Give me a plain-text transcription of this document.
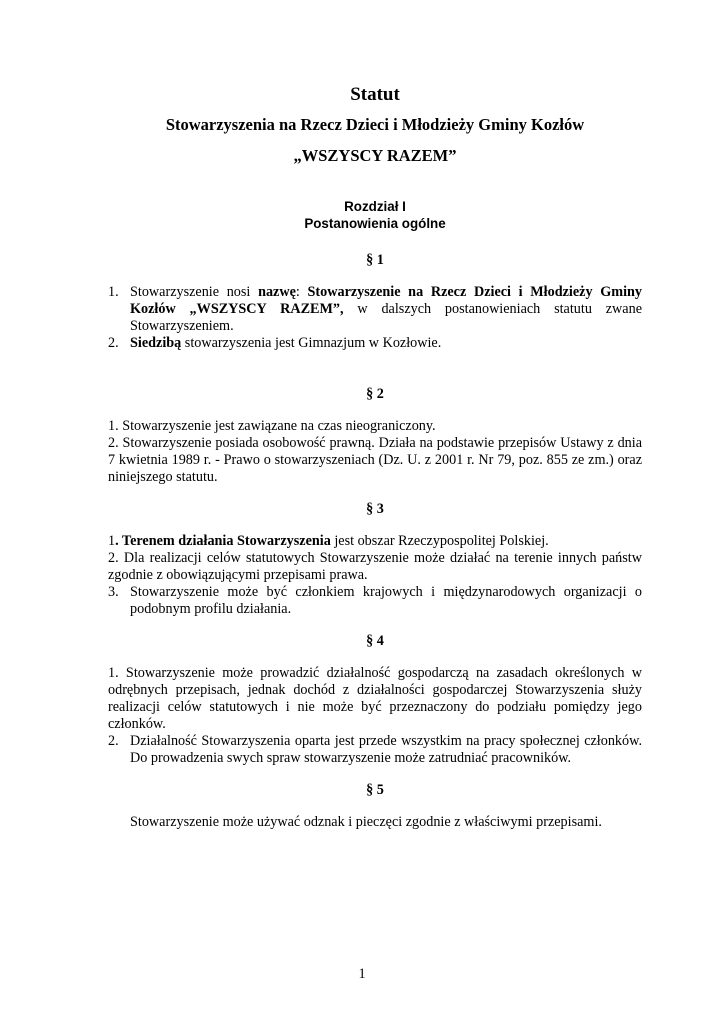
Statut
Stowarzyszenia na Rzecz Dzieci i Młodzieży Gminy Kozłów
„WSZYSCY RAZEM”
Rozdział I
Postanowienia ogólne
§ 1
1. Stowarzyszenie nosi nazwę: Stowarzyszenie na Rzecz Dzieci i Młodzieży Gminy Kozłów „WSZYSCY RAZEM”, w dalszych postanowieniach statutu zwane Stowarzyszeniem.
2. Siedzibą stowarzyszenia jest Gimnazjum w Kozłowie.
§ 2

1. Stowarzyszenie jest zawiązane na czas nieograniczony.

2. Stowarzyszenie posiada osobowość prawną. Działa na podstawie przepisów Ustawy z dnia 7 kwietnia 1989 r. - Prawo o stowarzyszeniach (Dz. U. z 2001 r. Nr 79, poz. 855 ze zm.) oraz niniejszego statutu.

§ 3

1. Terenem działania Stowarzyszenia jest obszar Rzeczypospolitej Polskiej.

2. Dla realizacji celów statutowych Stowarzyszenie może działać na terenie innych państw zgodnie z obowiązującymi przepisami prawa.

3. Stowarzyszenie może być członkiem krajowych i międzynarodowych organizacji o podobnym profilu działania.
§ 4

1. Stowarzyszenie może prowadzić działalność gospodarczą na zasadach określonych w odrębnych przepisach, jednak dochód z działalności gospodarczej Stowarzyszenia służy realizacji celów statutowych i nie może być przeznaczony do podziału pomiędzy jego członków.

2. Działalność Stowarzyszenia oparta jest przede wszystkim na pracy społecznej członków. Do prowadzenia swych spraw stowarzyszenie może zatrudniać pracowników.
§ 5

Stowarzyszenie może używać odznak i pieczęci zgodnie z właściwymi przepisami.

1
